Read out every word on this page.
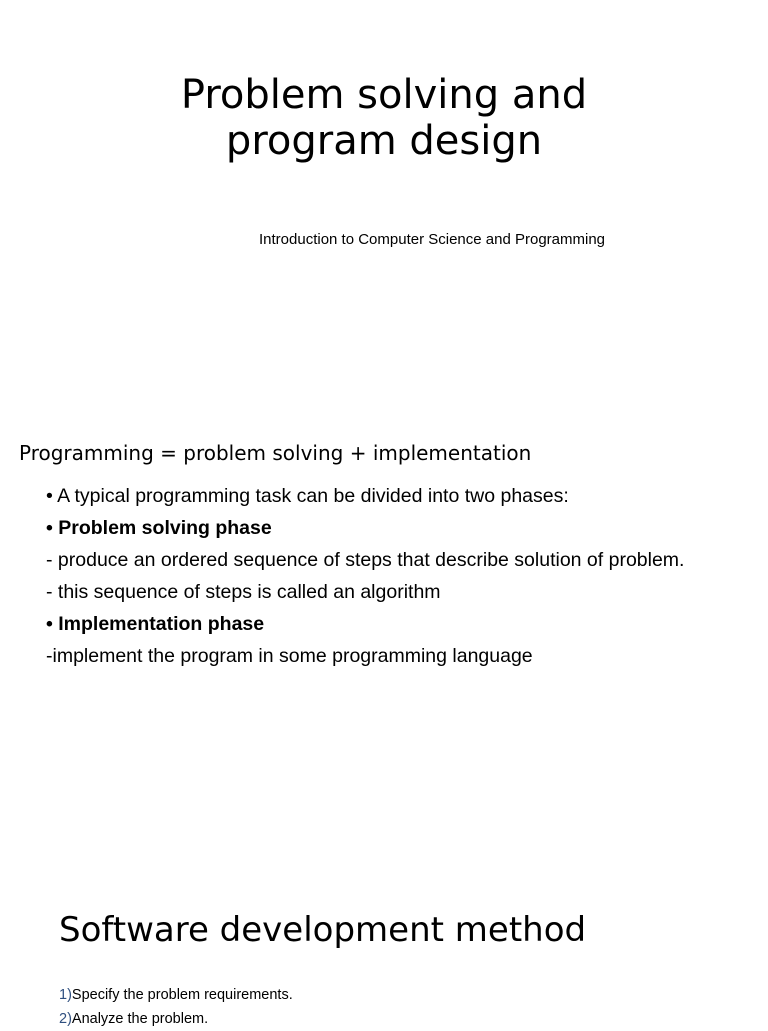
Problem solving and
program design

Introduction to Computer Science and Programming

Programming = problem solving + implementation
• A typical programming task can be divided into two phases:
• Problem solving phase
- produce an ordered sequence of steps that describe solution of problem.
- this sequence of steps is called an algorithm
• Implementation phase
-implement the program in some programming language
Software development method
1)Specify the problem requirements.
2)Analyze the problem.
